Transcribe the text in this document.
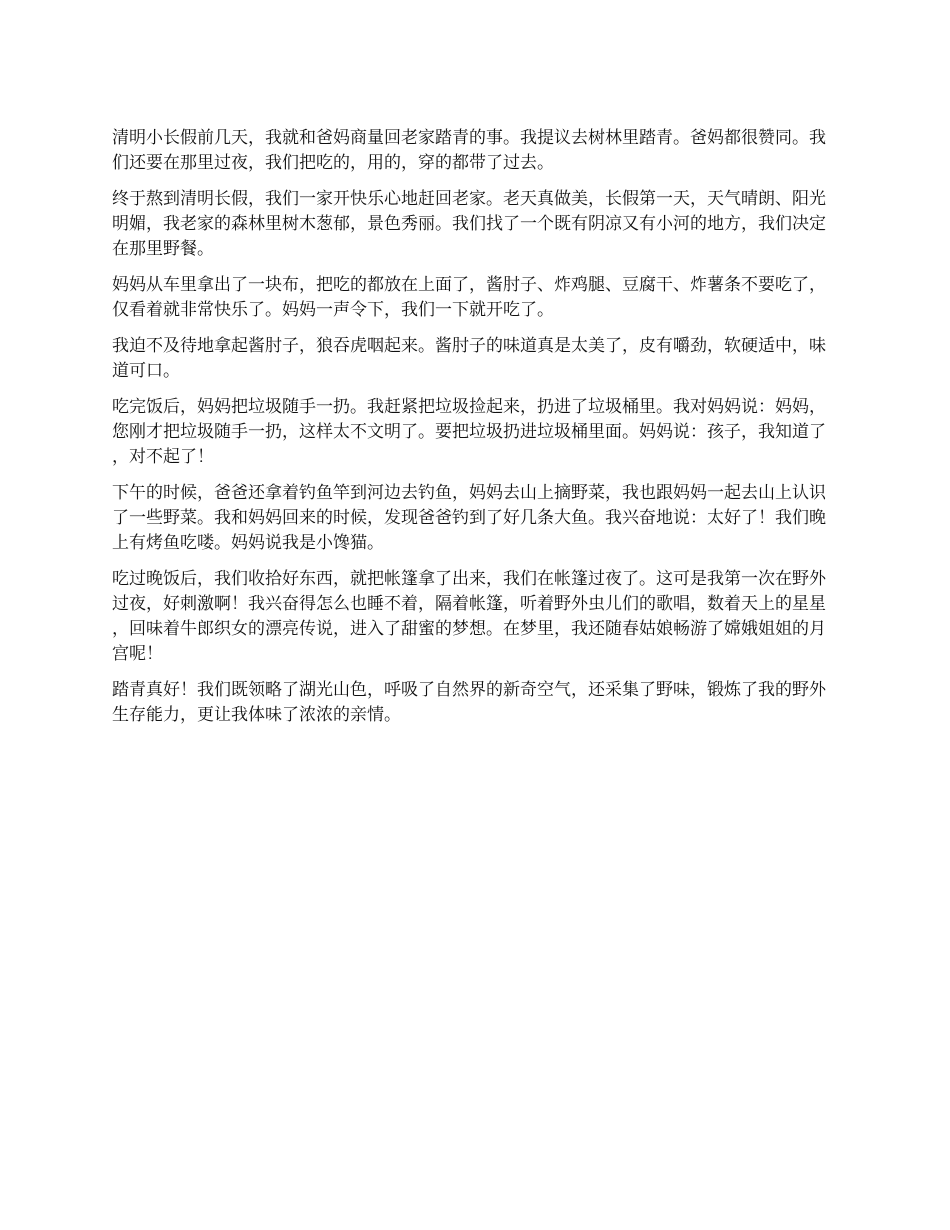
清明小长假前几天，我就和爸妈商量回老家踏青的事。我提议去树林里踏青。爸妈都很赞同。我们还要在那里过夜，我们把吃的，用的，穿的都带了过去。

终于熬到清明长假，我们一家开快乐心地赶回老家。老天真做美，长假第一天，天气晴朗、阳光明媚，我老家的森林里树木葱郁，景色秀丽。我们找了一个既有阴凉又有小河的地方，我们决定在那里野餐。

妈妈从车里拿出了一块布，把吃的都放在上面了，酱肘子、炸鸡腿、豆腐干、炸薯条不要吃了，仅看着就非常快乐了。妈妈一声令下，我们一下就开吃了。

我迫不及待地拿起酱肘子，狼吞虎咽起来。酱肘子的味道真是太美了，皮有嚼劲，软硬适中，味道可口。

吃完饭后，妈妈把垃圾随手一扔。我赶紧把垃圾捡起来，扔进了垃圾桶里。我对妈妈说：妈妈，您刚才把垃圾随手一扔，这样太不文明了。要把垃圾扔进垃圾桶里面。妈妈说：孩子，我知道了，对不起了！

下午的时候，爸爸还拿着钓鱼竿到河边去钓鱼，妈妈去山上摘野菜，我也跟妈妈一起去山上认识了一些野菜。我和妈妈回来的时候，发现爸爸钓到了好几条大鱼。我兴奋地说：太好了！我们晚上有烤鱼吃喽。妈妈说我是小馋猫。

吃过晚饭后，我们收拾好东西，就把帐篷拿了出来，我们在帐篷过夜了。这可是我第一次在野外过夜，好刺激啊！我兴奋得怎么也睡不着，隔着帐篷，听着野外虫儿们的歌唱，数着天上的星星，回味着牛郎织女的漂亮传说，进入了甜蜜的梦想。在梦里，我还随春姑娘畅游了嫦娥姐姐的月宫呢！

踏青真好！我们既领略了湖光山色，呼吸了自然界的新奇空气，还采集了野味，锻炼了我的野外生存能力，更让我体味了浓浓的亲情。
